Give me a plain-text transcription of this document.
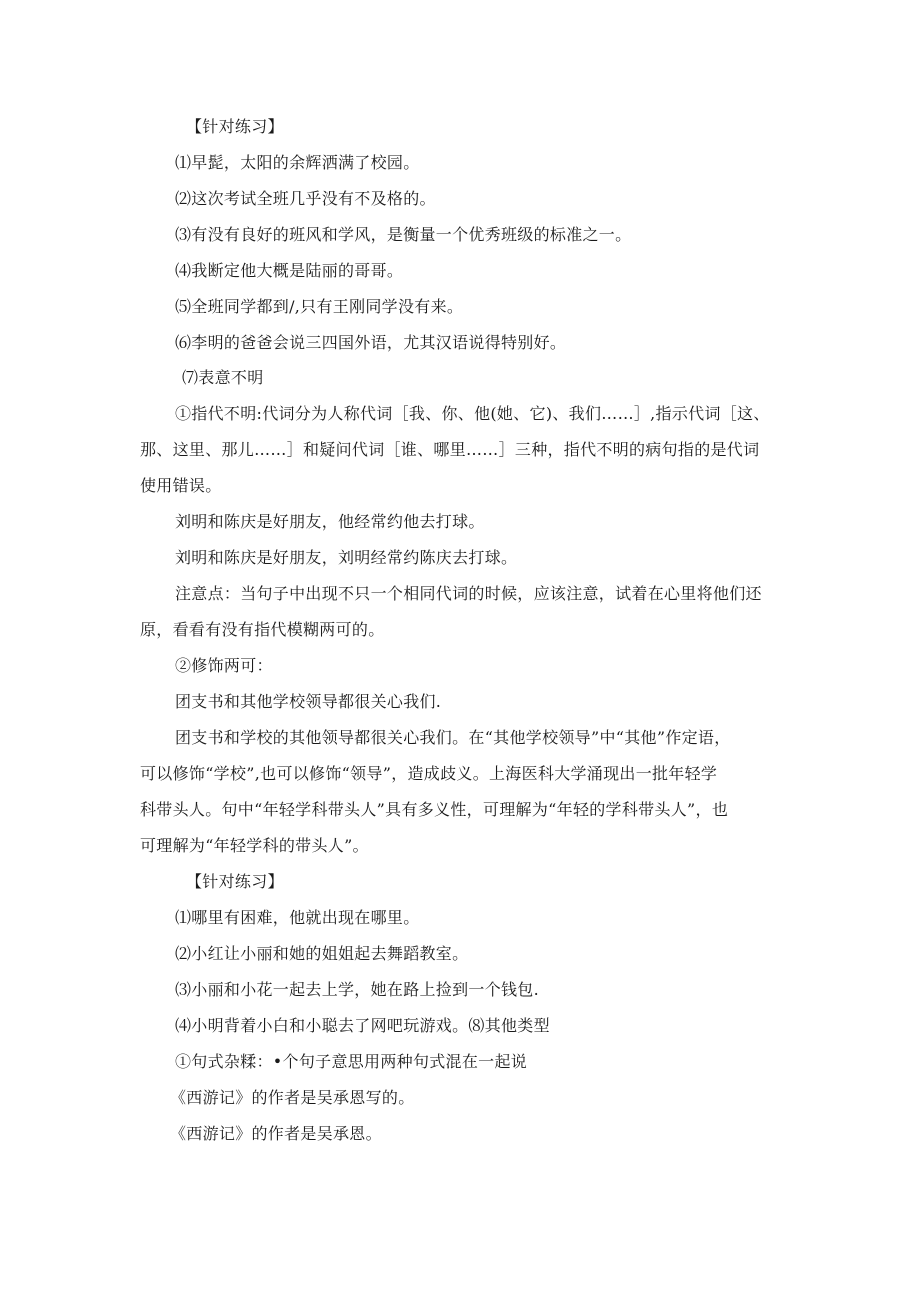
【针对练习】
⑴早髭，太阳的余辉洒满了校园。
⑵这次考试全班几乎没有不及格的。
⑶有没有良好的班风和学风，是衡量一个优秀班级的标准之一。
⑷我断定他大概是陆丽的哥哥。
⑸全班同学都到/,只有王刚同学没有来。
⑹李明的爸爸会说三四国外语，尤其汉语说得特别好。
⑺表意不明
①指代不明:代词分为人称代词［我、你、他(她、它)、我们……］,指示代词［这、
那、这里、那儿……］和疑问代词［谁、哪里……］三种，指代不明的病句指的是代词
使用错误。
刘明和陈庆是好朋友，他经常约他去打球。
刘明和陈庆是好朋友，刘明经常约陈庆去打球。
注意点：当句子中出现不只一个相同代词的时候，应该注意，试着在心里将他们还
原，看看有没有指代模糊两可的。
②修饰两可：
团支书和其他学校领导都很关心我们.
团支书和学校的其他领导都很关心我们。在“其他学校领导”中“其他”作定语，
可以修饰“学校”,也可以修饰“领导”，造成歧义。上海医科大学涌现出一批年轻学
科带头人。句中“年轻学科带头人”具有多义性，可理解为“年轻的学科带头人”，也
可理解为“年轻学科的带头人”。
【针对练习】
⑴哪里有困难，他就出现在哪里。
⑵小红让小丽和她的姐姐起去舞蹈教室。
⑶小丽和小花一起去上学，她在路上捡到一个钱包.
⑷小明背着小白和小聪去了网吧玩游戏。⑻其他类型
①句式杂糅：•个句子意思用两种句式混在一起说
《西游记》的作者是吴承恩写的。
《西游记》的作者是吴承恩。
